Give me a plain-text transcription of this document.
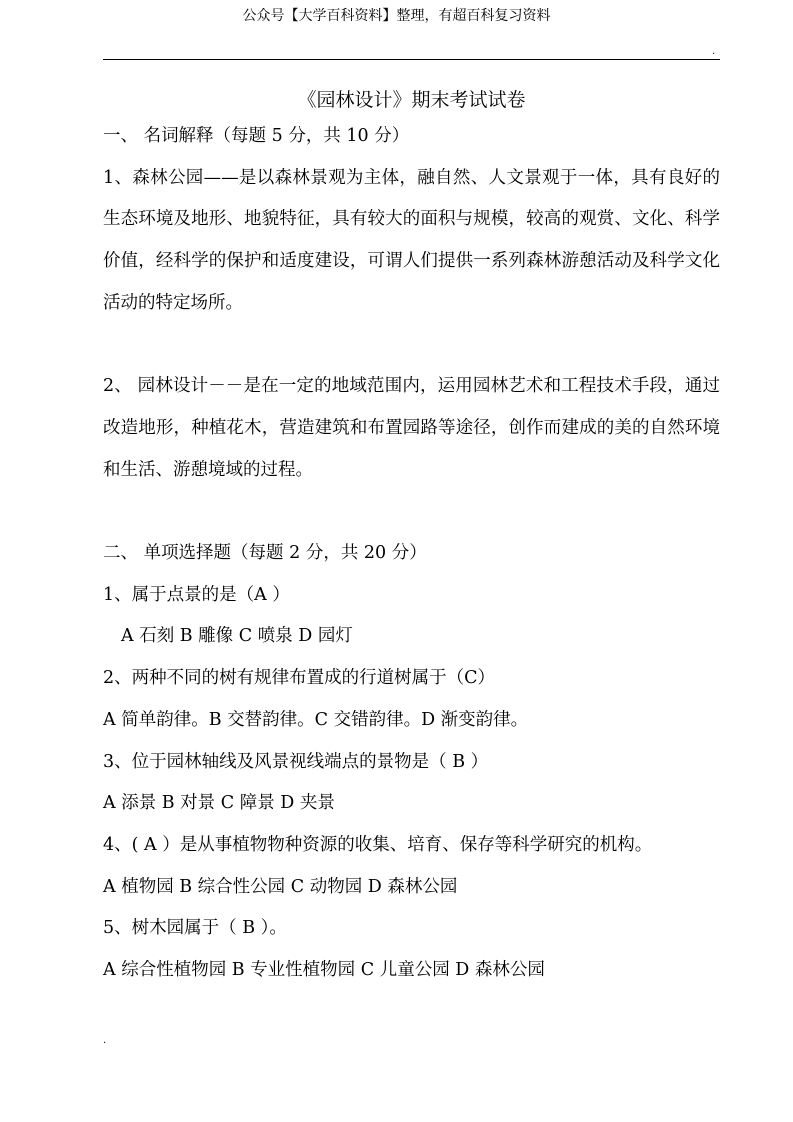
公众号【大学百科资料】整理，有超百科复习资料
.
《园林设计》期末考试试卷
一、 名词解释（每题 5 分，共 10 分）
1、森林公园——是以森林景观为主体，融自然、人文景观于一体，具有良好的生态环境及地形、地貌特征，具有较大的面积与规模，较高的观赏、文化、科学价值，经科学的保护和适度建设，可谓人们提供一系列森林游憩活动及科学文化活动的特定场所。
2、 园林设计－－是在一定的地域范围内，运用园林艺术和工程技术手段，通过改造地形，种植花木，营造建筑和布置园路等途径，创作而建成的美的自然环境和生活、游憩境域的过程。
二、 单项选择题（每题 2 分，共 20 分）
1、属于点景的是（A ）
A 石刻 B 雕像 C 喷泉 D 园灯
2、两种不同的树有规律布置成的行道树属于（C）
A 简单韵律。B 交替韵律。C 交错韵律。D 渐变韵律。
3、位于园林轴线及风景视线端点的景物是（ B ）
A 添景 B 对景 C 障景 D 夹景
4、( A ）是从事植物物种资源的收集、培育、保存等科学研究的机构。
A 植物园 B 综合性公园 C 动物园 D 森林公园
5、树木园属于（ B ）。
A 综合性植物园 B 专业性植物园 C 儿童公园 D 森林公园
.
